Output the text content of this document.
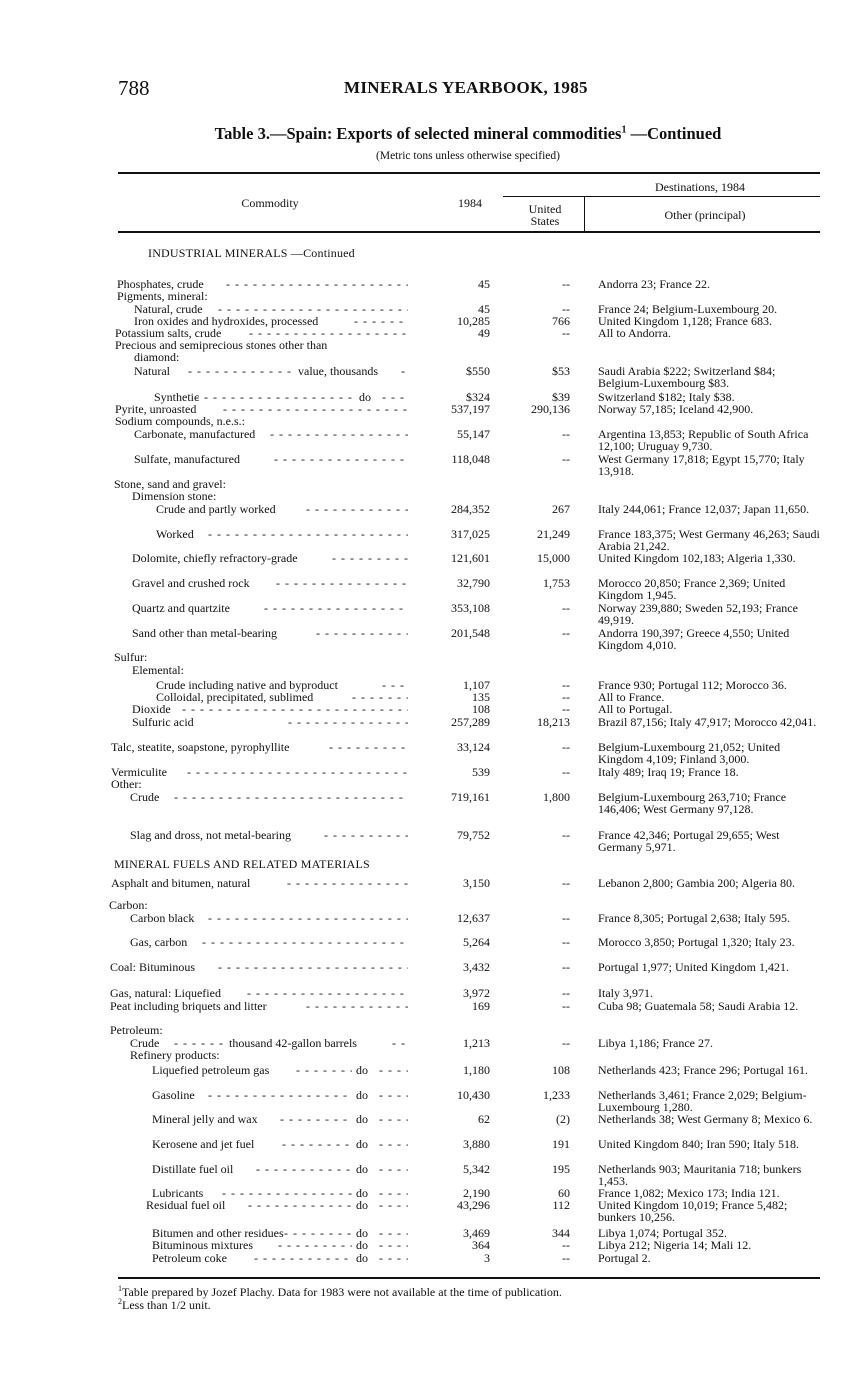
788	MINERALS YEARBOOK, 1985
Table 3.—Spain: Exports of selected mineral commodities$^1$ —Continued
(Metric tons unless otherwise specified)
Commodity	1984
Destinations, 1984
United
States	Other (principal)
INDUSTRIAL MINERALS —Continued
MINERAL FUELS AND RELATED MATERIALS
Phosphates, crude - - -	45	-- Andorra 23; France 22.
Pigments, mineral:
Natural, crude - - -	45	-- France 24; Belgium-Luxembourg 20.
Iron oxides and hydroxides, processed - - -	10,285	766 United Kingdom 1,128; France 683.
Potassium salts, crude - - -	49	-- All to Andorra.
Precious and semiprecious stones other than
diamond:
Natural - - -	value, thousands - - -	$550	$53 Saudi Arabia $222; Switzerland $84; Belgium-Luxembourg $83.
Synthetic - - -	do - - -	$324	$39 Switzerland $182; Italy $38.
Pyrite, unroasted - - -	537,197	290,136 Norway 57,185; Iceland 42,900.
Sodium compounds, n.e.s.:
Carbonate, manufactured - - -	55,147	-- Argentina 13,853; Republic of South Africa 12,100; Uruguay 9,730.
Sulfate, manufactured - - -	118,048	-- West Germany 17,818; Egypt 15,770; Italy 13,918.
Stone, sand and gravel:
Dimension stone:
Crude and partly worked - - -	284,352	267 Italy 244,061; France 12,037; Japan 11,650.
Worked - - -	317,025	21,249 France 183,375; West Germany 46,263; Saudi Arabia 21,242.
Dolomite, chiefly refractory-grade - - -	121,601	15,000 United Kingdom 102,183; Algeria 1,330.
Gravel and crushed rock - - -	32,790	1,753 Morocco 20,850; France 2,369; United Kingdom 1,945.
Quartz and quartzite - - -	353,108	-- Norway 239,880; Sweden 52,193; France 49,919.
Sand other than metal-bearing - - -	201,548	-- Andorra 190,397; Greece 4,550; United Kingdom 4,010.
Sulfur:
Elemental:
Crude including native and byproduct - - -	1,107	-- France 930; Portugal 112; Morocco 36.
Colloidal, precipitated, sublimed - - -	135	-- All to France.
Dioxide - - -	108	-- All to Portugal.
Sulfuric acid - - -	257,289	18,213 Brazil 87,156; Italy 47,917; Morocco 42,041.
Talc, steatite, soapstone, pyrophyllite - - -	33,124	-- Belgium-Luxembourg 21,052; United Kingdom 4,109; Finland 3,000.
Vermiculite - - -	539	-- Italy 489; Iraq 19; France 18.
Other:
Crude - - -	719,161	1,800 Belgium-Luxembourg 263,710; France 146,406; West Germany 97,128.
Slag and dross, not metal-bearing - - -	79,752	-- France 42,346; Portugal 29,655; West Germany 5,971.
Asphalt and bitumen, natural - - -	3,150	-- Lebanon 2,800; Gambia 200; Algeria 80.
Carbon:
Carbon black - - -	12,637	-- France 8,305; Portugal 2,638; Italy 595.
Gas, carbon - - -	5,264	-- Morocco 3,850; Portugal 1,320; Italy 23.
Coal: Bituminous - - -	3,432	-- Portugal 1,977; United Kingdom 1,421.
Gas, natural: Liquefied - - -	3,972	-- Italy 3,971.
Peat including briquets and litter - - -	169	-- Cuba 98; Guatemala 58; Saudi Arabia 12.
Petroleum:
Crude - - -	thousand 42-gallon barrels - - -	1,213	-- Libya 1,186; France 27.
Refinery products:
Liquefied petroleum gas - - -	do - - -	1,180	108 Netherlands 423; France 296; Portugal 161.
Gasoline - - -	do - - -	10,430	1,233 Netherlands 3,461; France 2,029; Belgium-Luxembourg 1,280.
Mineral jelly and wax - - -	do - - -	62	(2) Netherlands 38; West Germany 8; Mexico 6.
Kerosene and jet fuel - - -	do - - -	3,880	191 United Kingdom 840; Iran 590; Italy 518.
Distillate fuel oil - - -	do - - -	5,342	195 Netherlands 903; Mauritania 718; bunkers 1,453.
Lubricants - - -	do - - -	2,190	60 France 1,082; Mexico 173; India 121.
Residual fuel oil - - -	do - - -	43,296	112 United Kingdom 10,019; France 5,482; bunkers 10,256.
Bitumen and other residues - - -	do - - -	3,469	344 Libya 1,074; Portugal 352.
Bituminous mixtures - - -	do - - -	364	-- Libya 212; Nigeria 14; Mali 12.
Petroleum coke - - -	do - - -	3	-- Portugal 2.
$^1$Table prepared by Jozef Plachy. Data for 1983 were not available at the time of publication.
$^2$Less than 1/2 unit.
